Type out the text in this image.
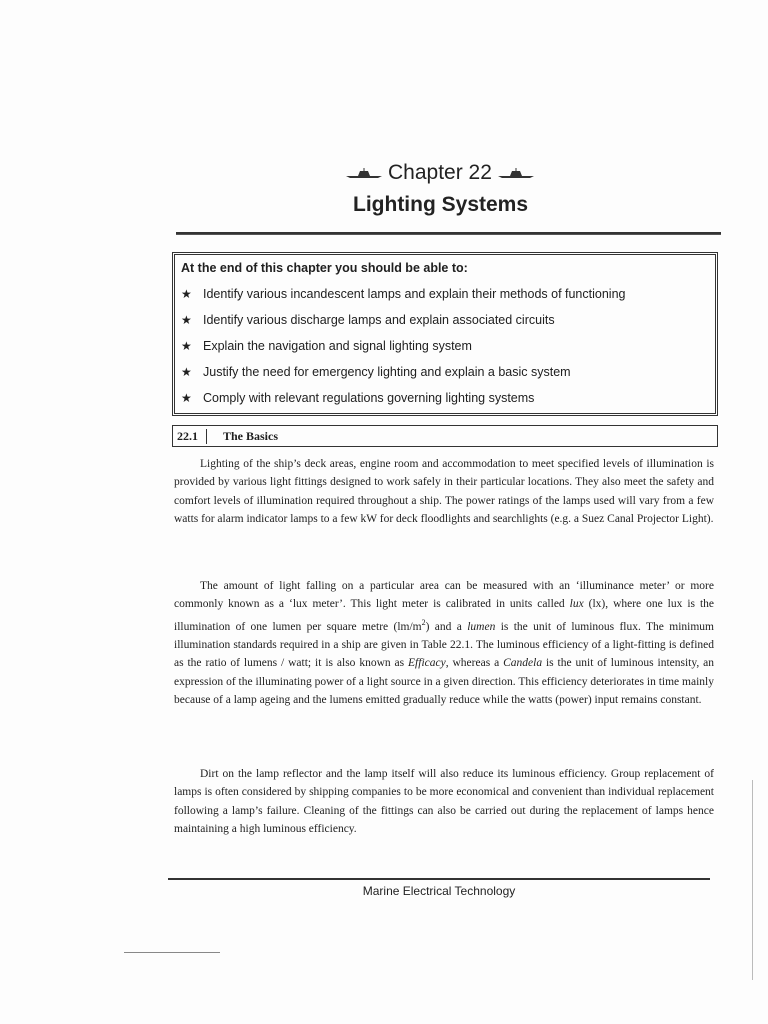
Chapter 22
Lighting Systems
At the end of this chapter you should be able to:
★ Identify various incandescent lamps and explain their methods of functioning
★ Identify various discharge lamps and explain associated circuits
★ Explain the navigation and signal lighting system
★ Justify the need for emergency lighting and explain a basic system
★ Comply with relevant regulations governing lighting systems
22.1	The Basics

Lighting of the ship’s deck areas, engine room and accommodation to meet specified levels of illumination is provided by various light fittings designed to work safely in their particular locations. They also meet the safety and comfort levels of illumination required throughout a ship. The power ratings of the lamps used will vary from a few watts for alarm indicator lamps to a few kW for deck floodlights and searchlights (e.g. a Suez Canal Projector Light).

The amount of light falling on a particular area can be measured with an ‘illuminance meter’ or more commonly known as a ‘lux meter’. This light meter is calibrated in units called lux (lx), where one lux is the illumination of one lumen per square metre $(lm/m^2)$ and a lumen is the unit of luminous flux. The minimum illumination standards required in a ship are given in Table 22.1. The luminous efficiency of a light-fitting is defined as the ratio of lumens / watt; it is also known as Efficacy, whereas a Candela is the unit of luminous intensity, an expression of the illuminating power of a light source in a given direction. This efficiency deteriorates in time mainly because of a lamp ageing and the lumens emitted gradually reduce while the watts (power) input remains constant.

Dirt on the lamp reflector and the lamp itself will also reduce its luminous efficiency. Group replacement of lamps is often considered by shipping companies to be more economical and convenient than individual replacement following a lamp’s failure. Cleaning of the fittings can also be carried out during the replacement of lamps hence maintaining a high luminous efficiency.

Marine Electrical Technology
